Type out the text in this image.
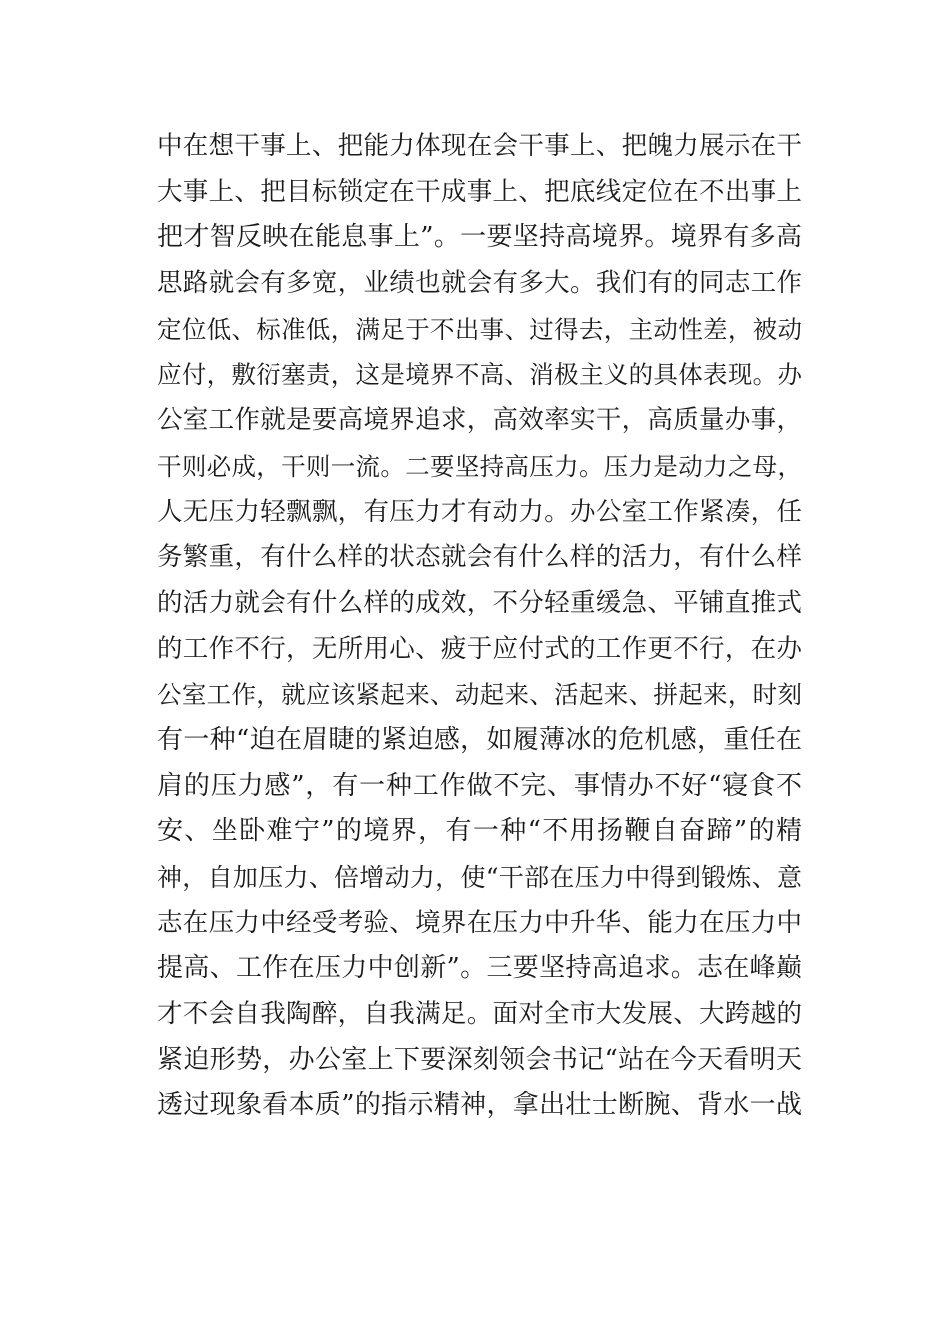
中在想干事上、把能力体现在会干事上、把魄力展示在干
大事上、把目标锁定在干成事上、把底线定位在不出事上
把才智反映在能息事上”。一要坚持高境界。境界有多高
思路就会有多宽，业绩也就会有多大。我们有的同志工作
定位低、标准低，满足于不出事、过得去，主动性差，被动
应付，敷衍塞责，这是境界不高、消极主义的具体表现。办
公室工作就是要高境界追求，高效率实干，高质量办事，
干则必成，干则一流。二要坚持高压力。压力是动力之母，
人无压力轻飘飘，有压力才有动力。办公室工作紧凑，任
务繁重，有什么样的状态就会有什么样的活力，有什么样
的活力就会有什么样的成效，不分轻重缓急、平铺直推式
的工作不行，无所用心、疲于应付式的工作更不行，在办
公室工作，就应该紧起来、动起来、活起来、拼起来，时刻
有一种“迫在眉睫的紧迫感，如履薄冰的危机感，重任在
肩的压力感”，有一种工作做不完、事情办不好“寝食不
安、坐卧难宁”的境界，有一种“不用扬鞭自奋蹄”的精
神，自加压力、倍增动力，使“干部在压力中得到锻炼、意
志在压力中经受考验、境界在压力中升华、能力在压力中
提高、工作在压力中创新”。三要坚持高追求。志在峰巅
才不会自我陶醉，自我满足。面对全市大发展、大跨越的
紧迫形势，办公室上下要深刻领会书记“站在今天看明天
透过现象看本质”的指示精神，拿出壮士断腕、背水一战
